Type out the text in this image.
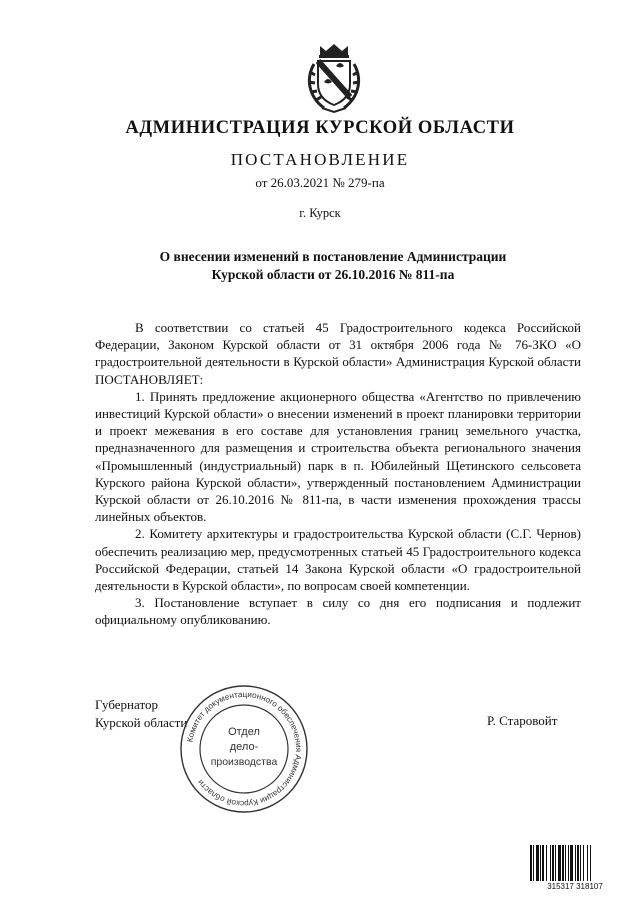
АДМИНИСТРАЦИЯ КУРСКОЙ ОБЛАСТИ
ПОСТАНОВЛЕНИЕ
от 26.03.2021 № 279-па
г. Курск
О внесении изменений в постановление Администрации
Курской области от 26.10.2016 № 811-па

В соответствии со статьей 45 Градостроительного кодекса Российской Федерации, Законом Курской области от 31 октября 2006 года № 76-ЗКО «О градостроительной деятельности в Курской области» Администрация Курской области ПОСТАНОВЛЯЕТ:

1. Принять предложение акционерного общества «Агентство по привлечению инвестиций Курской области» о внесении изменений в проект планировки территории и проект межевания в его составе для установления границ земельного участка, предназначенного для размещения и строительства объекта регионального значения «Промышленный (индустриальный) парк в п. Юбилейный Щетинского сельсовета Курского района Курской области», утвержденный постановлением Администрации Курской области от 26.10.2016 № 811-па, в части изменения прохождения трассы линейных объектов.

2. Комитету архитектуры и градостроительства Курской области (С.Г. Чернов) обеспечить реализацию мер, предусмотренных статьей 45 Градостроительного кодекса Российской Федерации, статьей 14 Закона Курской области «О градостроительной деятельности в Курской области», по вопросам своей компетенции.

3. Постановление вступает в силу со дня его подписания и подлежит официальному опубликованию.

Губернатор
Курской области	Р. Старовойт
Комитет документационного обеспечения Администрации Курской области
Отдел
дело-
производства
315317 318107
